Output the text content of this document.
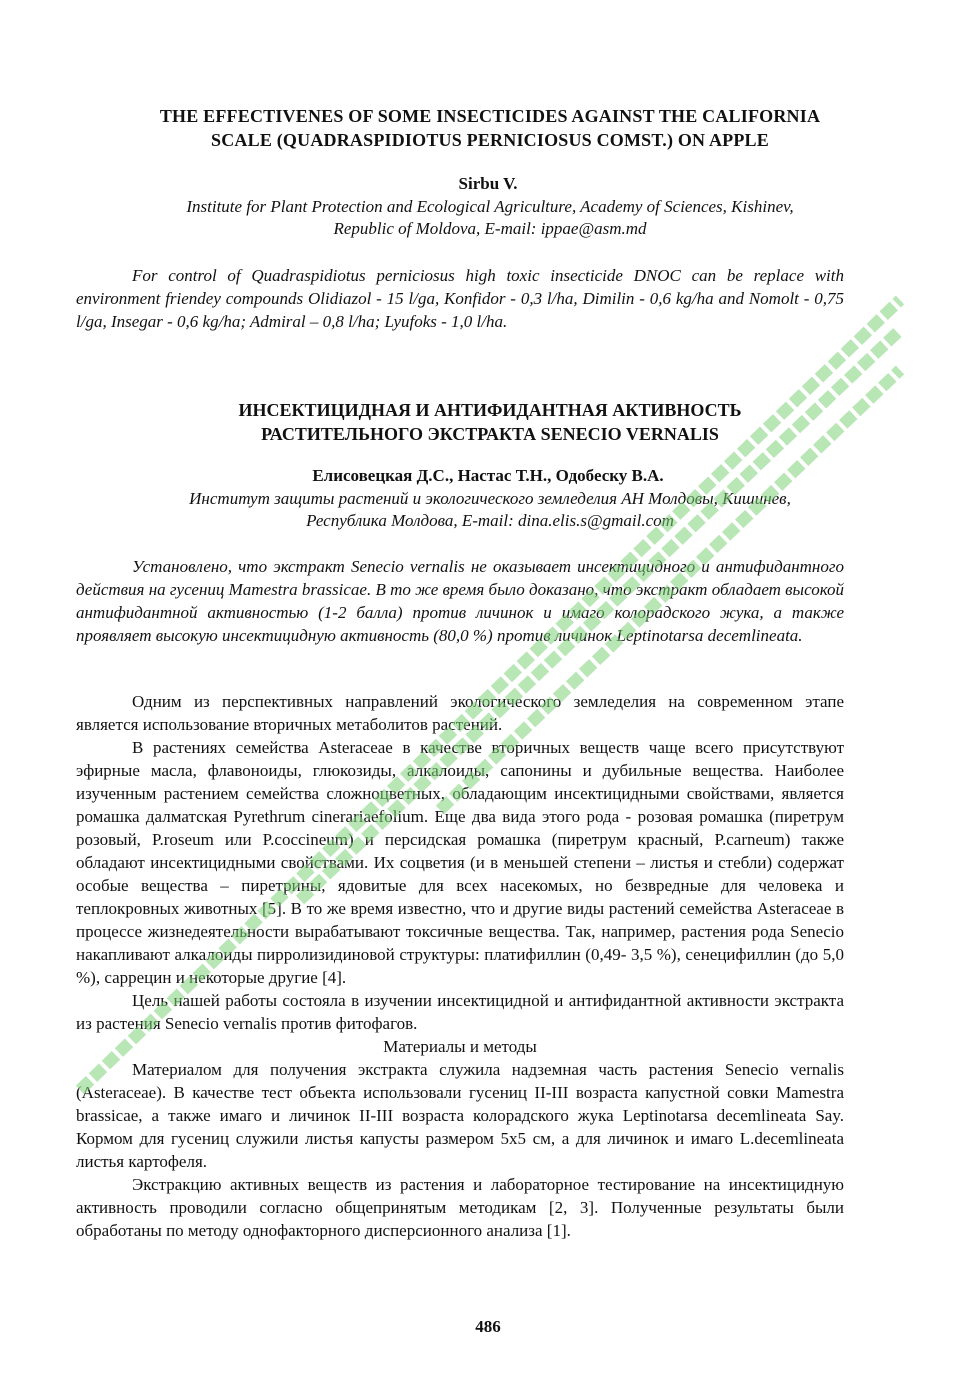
THE EFFECTIVENES OF SOME INSECTICIDES AGAINST THE CALIFORNIA
SCALE (QUADRASPIDIOTUS PERNICIOSUS COMST.) ON APPLE
Sirbu V.
Institute for Plant Protection and Ecological Agriculture, Academy of Sciences, Kishinev,
Republic of Moldova, E-mail: ippae@asm.md
For control of Quadraspidiotus perniciosus high toxic insecticide DNOC can be replace with environment friendey compounds Olidiazol - 15 l/ga, Konfidor - 0,3 l/ha, Dimilin - 0,6 kg/ha and Nomolt - 0,75 l/ga, Insegar - 0,6 kg/ha; Admiral – 0,8 l/ha; Lyufoks - 1,0 l/ha.
ИНСЕКТИЦИДНАЯ И АНТИФИДАНТНАЯ АКТИВНОСТЬ
РАСТИТЕЛЬНОГО ЭКСТРАКТА SENECIO VERNALIS
Елисовецкая Д.С., Настас Т.Н., Одобеску В.А.
Институт защиты растений и экологического земледелия АН Молдовы, Кишинев,
Республика Молдова, E-mail: dina.elis.s@gmail.com
Установлено, что экстракт Senecio vernalis не оказывает инсектицидного и антифидантного действия на гусениц Mamestra brassicae. В то же время было доказано, что экстракт обладает высокой антифидантной активностью (1-2 балла) против личинок и имаго колорадского жука, а также проявляет высокую инсектицидную активность (80,0 %) против личинок Leptinotarsa decemlineata.

Одним из перспективных направлений экологического земледелия на современном этапе является использование вторичных метаболитов растений.

В растениях семейства Asteraceae в качестве вторичных веществ чаще всего присутствуют эфирные масла, флавоноиды, глюкозиды, алкалоиды, сапонины и дубильные вещества. Наиболее изученным растением семейства сложноцветных, обладающим инсектицидными свойствами, является ромашка далматская Pyrethrum cinerariaefolium. Еще два вида этого рода - розовая ромашка (пиретрум розовый, P.roseum или P.coccineum) и персидская ромашка (пиретрум красный, P.carneum) также обладают инсектицидными свойствами. Их соцветия (и в меньшей степени – листья и стебли) содержат особые вещества – пиретрины, ядовитые для всех насекомых, но безвредные для человека и теплокровных животных [5]. В то же время известно, что и другие виды растений семейства Asteraceae в процессе жизнедеятельности вырабатывают токсичные вещества. Так, например, растения рода Senecio накапливают алкалоиды пирролизидиновой структуры: платифиллин (0,49- 3,5 %), сенецифиллин (до 5,0 %), саррецин и некоторые другие [4].

Цель нашей работы состояла в изучении инсектицидной и антифидантной активности экстракта из растения Senecio vernalis против фитофагов.

Материалы и методы

Материалом для получения экстракта служила надземная часть растения Senecio vernalis (Asteraceae). В качестве тест объекта использовали гусениц II-III возраста капустной совки Mamestra brassicae, а также имаго и личинок II-III возраста колорадского жука Leptinotarsa decemlineata Say. Кормом для гусениц служили листья капусты размером 5х5 см, а для личинок и имаго L.decemlineata листья картофеля.

Экстракцию активных веществ из растения и лабораторное тестирование на инсектицидную активность проводили согласно общепринятым методикам [2, 3]. Полученные результаты были обработаны по методу однофакторного дисперсионного анализа [1].

486
